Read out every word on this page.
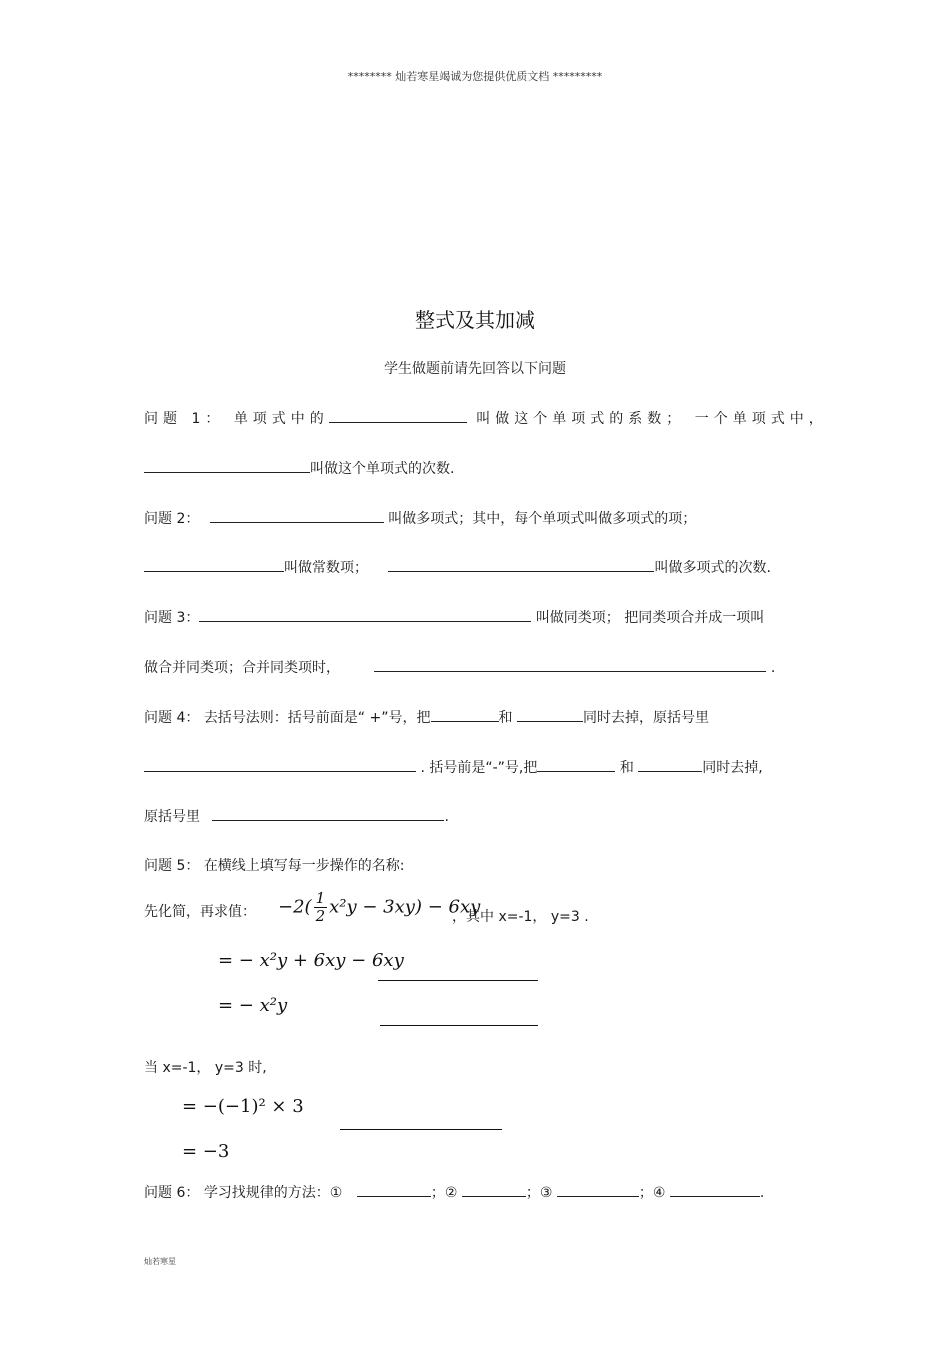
******** 灿若寒星竭诚为您提供优质文档 *********
整式及其加减
学生做题前请先回答以下问题
问题 1： 单项式中的	叫做这个单项式的系数； 一个单项式中，
叫做这个单项式的次数.
问题 2：	叫做多项式；其中，每个单项式叫做多项式的项；
叫做常数项；	叫做多项式的次数.
问题 3：	叫做同类项； 把同类项合并成一项叫
做合并同类项；合并同类项时，	.
问题 4： 去括号法则：括号前面是“ +”号，把	和	同时去掉，原括号里
. 括号前是“-”号,把	和	同时去掉,
原括号里	.
问题 5： 在横线上填写每一步操作的名称:
先化简，再求值： $-2( \frac{1}{2} x^2y - 3xy) - 6xy$
，其中 x=-1， y=3 .
= − x²y + 6xy − 6xy
= − x²y
当 x=-1， y=3 时,
= −(−1)² × 3
= −3
问题 6： 学习找规律的方法：①	；②	；③	；④	.
灿若寒星
